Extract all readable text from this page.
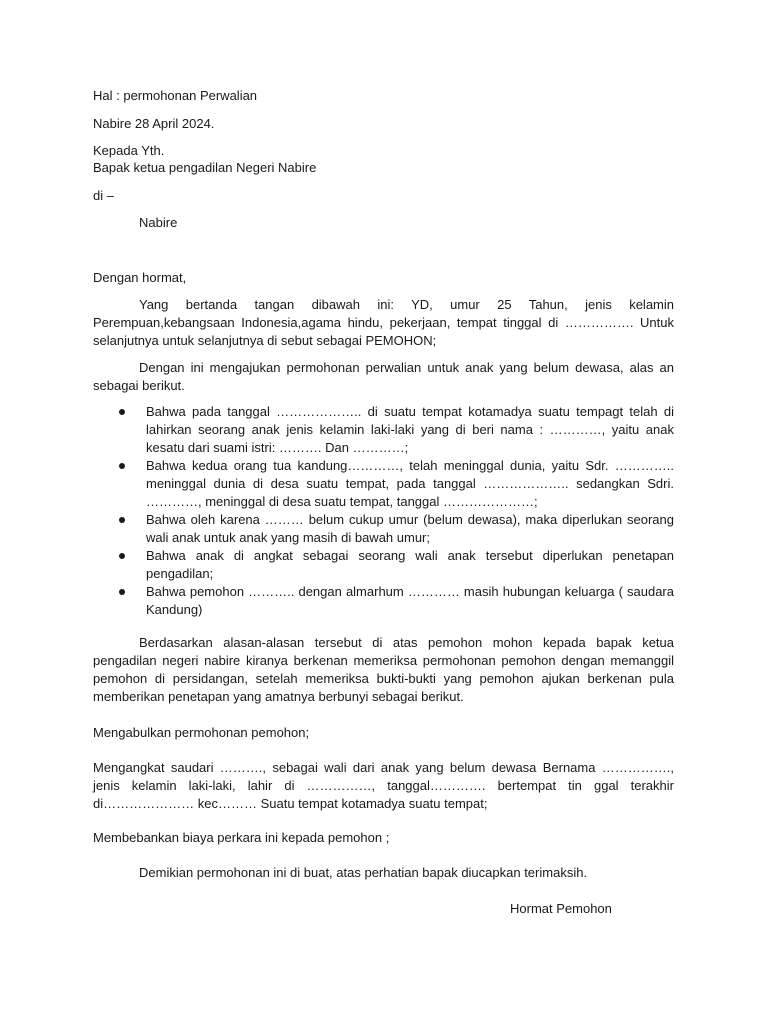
Hal : permohonan Perwalian
Nabire 28 April 2024.
Kepada Yth.
Bapak ketua pengadilan Negeri Nabire
di –
Nabire
Dengan hormat,

Yang bertanda tangan dibawah ini: YD, umur 25 Tahun, jenis kelamin Perempuan,kebangsaan Indonesia,agama hindu, pekerjaan, tempat tinggal di ……………. Untuk selanjutnya untuk selanjutnya di sebut sebagai PEMOHON;

Dengan ini mengajukan permohonan perwalian untuk anak yang belum dewasa, alas an sebagai berikut.

Bahwa pada tanggal ……………….. di suatu tempat kotamadya suatu tempagt telah di lahirkan seorang anak jenis kelamin laki-laki yang di beri nama : …………, yaitu anak kesatu dari suami istri: ………. Dan …………;
Bahwa kedua orang tua kandung…………, telah meninggal dunia, yaitu Sdr. ………….. meninggal dunia di desa suatu tempat, pada tanggal ……………….. sedangkan Sdri. …………, meninggal di desa suatu tempat, tanggal …………………;
Bahwa oleh karena ……… belum cukup umur (belum dewasa), maka diperlukan seorang wali anak untuk anak yang masih di bawah umur;
Bahwa anak di angkat sebagai seorang wali anak tersebut diperlukan penetapan pengadilan;
Bahwa pemohon ……….. dengan almarhum ………… masih hubungan keluarga ( saudara Kandung)

Berdasarkan alasan-alasan tersebut di atas pemohon mohon kepada bapak ketua pengadilan negeri nabire kiranya berkenan memeriksa permohonan pemohon dengan memanggil pemohon di persidangan, setelah memeriksa bukti-bukti yang pemohon ajukan berkenan pula memberikan penetapan yang amatnya berbunyi sebagai berikut.

Mengabulkan permohonan pemohon;

Mengangkat saudari ………., sebagai wali dari anak yang belum dewasa Bernama ……………., jenis kelamin laki-laki, lahir di ……………, tanggal…………. bertempat tin ggal terakhir di………………… kec……… Suatu tempat kotamadya suatu tempat;

Membebankan biaya perkara ini kepada pemohon ;
Demikian permohonan ini di buat, atas perhatian bapak diucapkan terimaksih.
Hormat Pemohon
